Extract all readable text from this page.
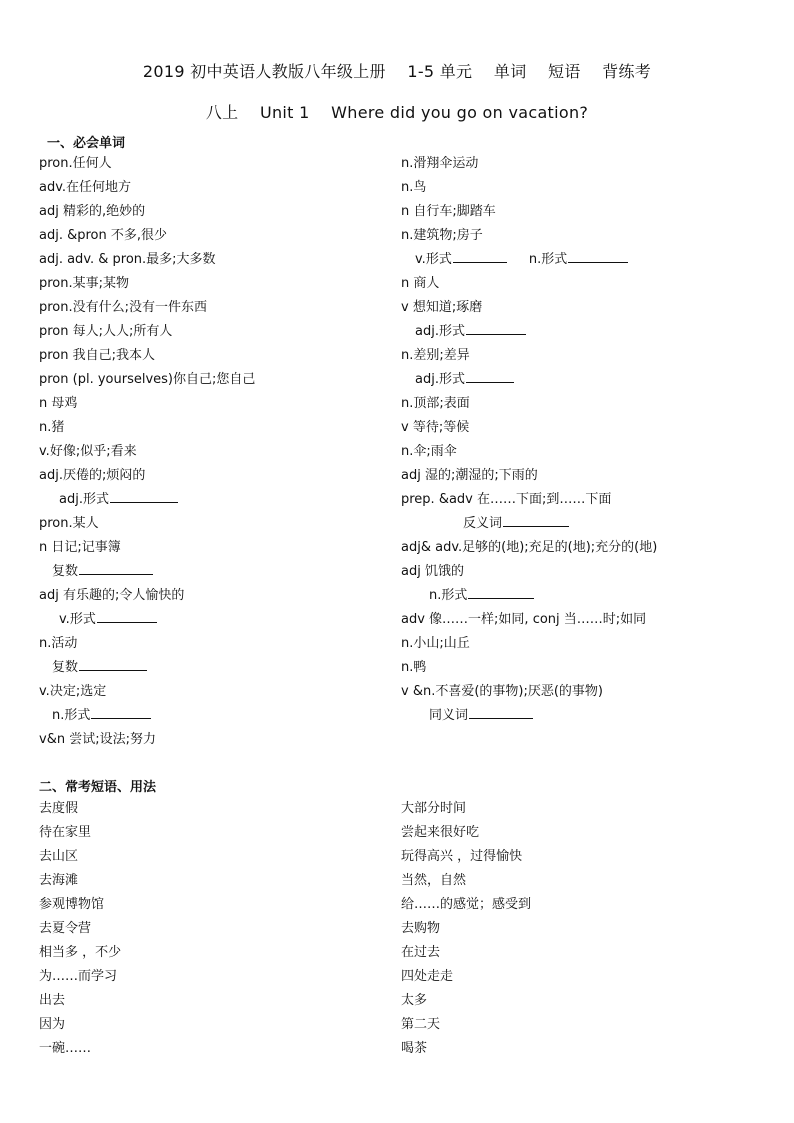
2019 初中英语人教版八年级上册    1-5 单元    单词    短语    背练考
八上    Unit 1    Where did you go on vacation?
一、必会单词
pron.任何人
adv.在任何地方
adj 精彩的,绝妙的
adj. &pron 不多,很少
adj. adv. & pron.最多;大多数
pron.某事;某物
pron.没有什么;没有一件东西
pron 每人;人人;所有人
pron 我自己;我本人
pron (pl. yourselves)你自己;您自己
n 母鸡
n.猪
v.好像;似乎;看来
adj.厌倦的;烦闷的
adj.形式
pron.某人
n 日记;记事簿
复数
adj 有乐趣的;令人愉快的
v.形式
n.活动
复数
v.决定;选定
n.形式
v&n 尝试;设法;努力
n.滑翔伞运动
n.鸟
n 自行车;脚踏车
n.建筑物;房子
v.形式	n.形式
n 商人
v 想知道;琢磨
adj.形式
n.差别;差异
adj.形式
n.顶部;表面
v 等待;等候
n.伞;雨伞
adj 湿的;潮湿的;下雨的
prep. &adv 在……下面;到……下面
反义词
adj& adv.足够的(地);充足的(地);充分的(地)
adj 饥饿的
n.形式
adv 像……一样;如同, conj 当……时;如同
n.小山;山丘
n.鸭
v &n.不喜爱(的事物);厌恶(的事物)
同义词
二、常考短语、用法
去度假
待在家里
去山区
去海滩
参观博物馆
去夏令营
相当多 ，不少
为……而学习
出去
因为
一碗……
大部分时间
尝起来很好吃
玩得高兴 ，过得愉快
当然，自然
给……的感觉；感受到
去购物
在过去
四处走走
太多
第二天
喝茶
